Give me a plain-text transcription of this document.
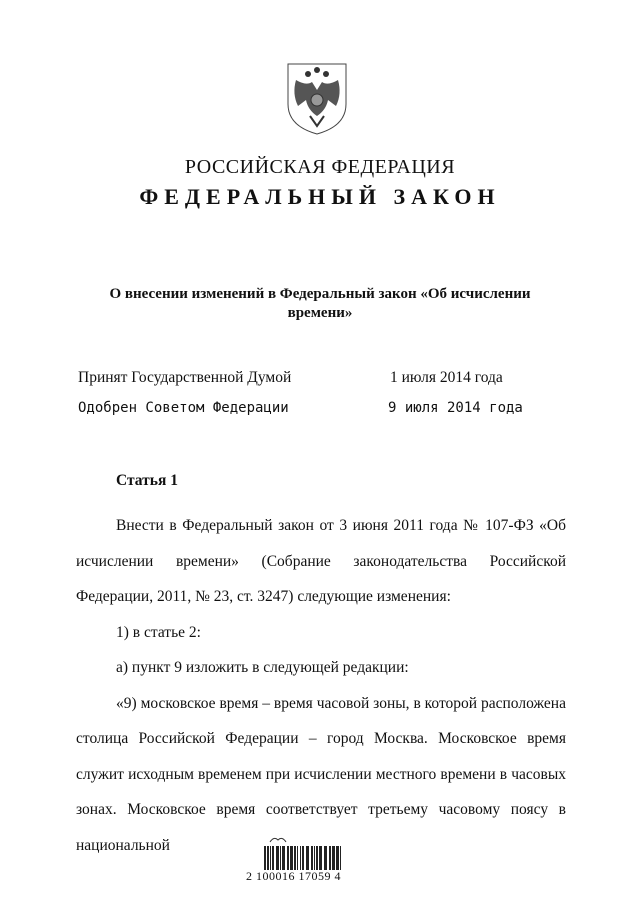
РОССИЙСКАЯ ФЕДЕРАЦИЯ
ФЕДЕРАЛЬНЫЙ ЗАКОН
О внесении изменений в Федеральный закон «Об исчислении времени»
Принят Государственной Думой	1 июля 2014 года
Одобрен Советом Федерации	9 июля 2014 года
Статья 1

Внести в Федеральный закон от 3 июня 2011 года № 107-ФЗ «Об исчислении времени» (Собрание законодательства Российской Федерации, 2011, № 23, ст. 3247) следующие изменения:

1) в статье 2:

а) пункт 9 изложить в следующей редакции:

«9) московское время – время часовой зоны, в которой расположена столица Российской Федерации – город Москва. Московское время служит исходным временем при исчислении местного времени в часовых зонах. Московское время соответствует третьему часовому поясу в национальной

2 100016 17059 4
